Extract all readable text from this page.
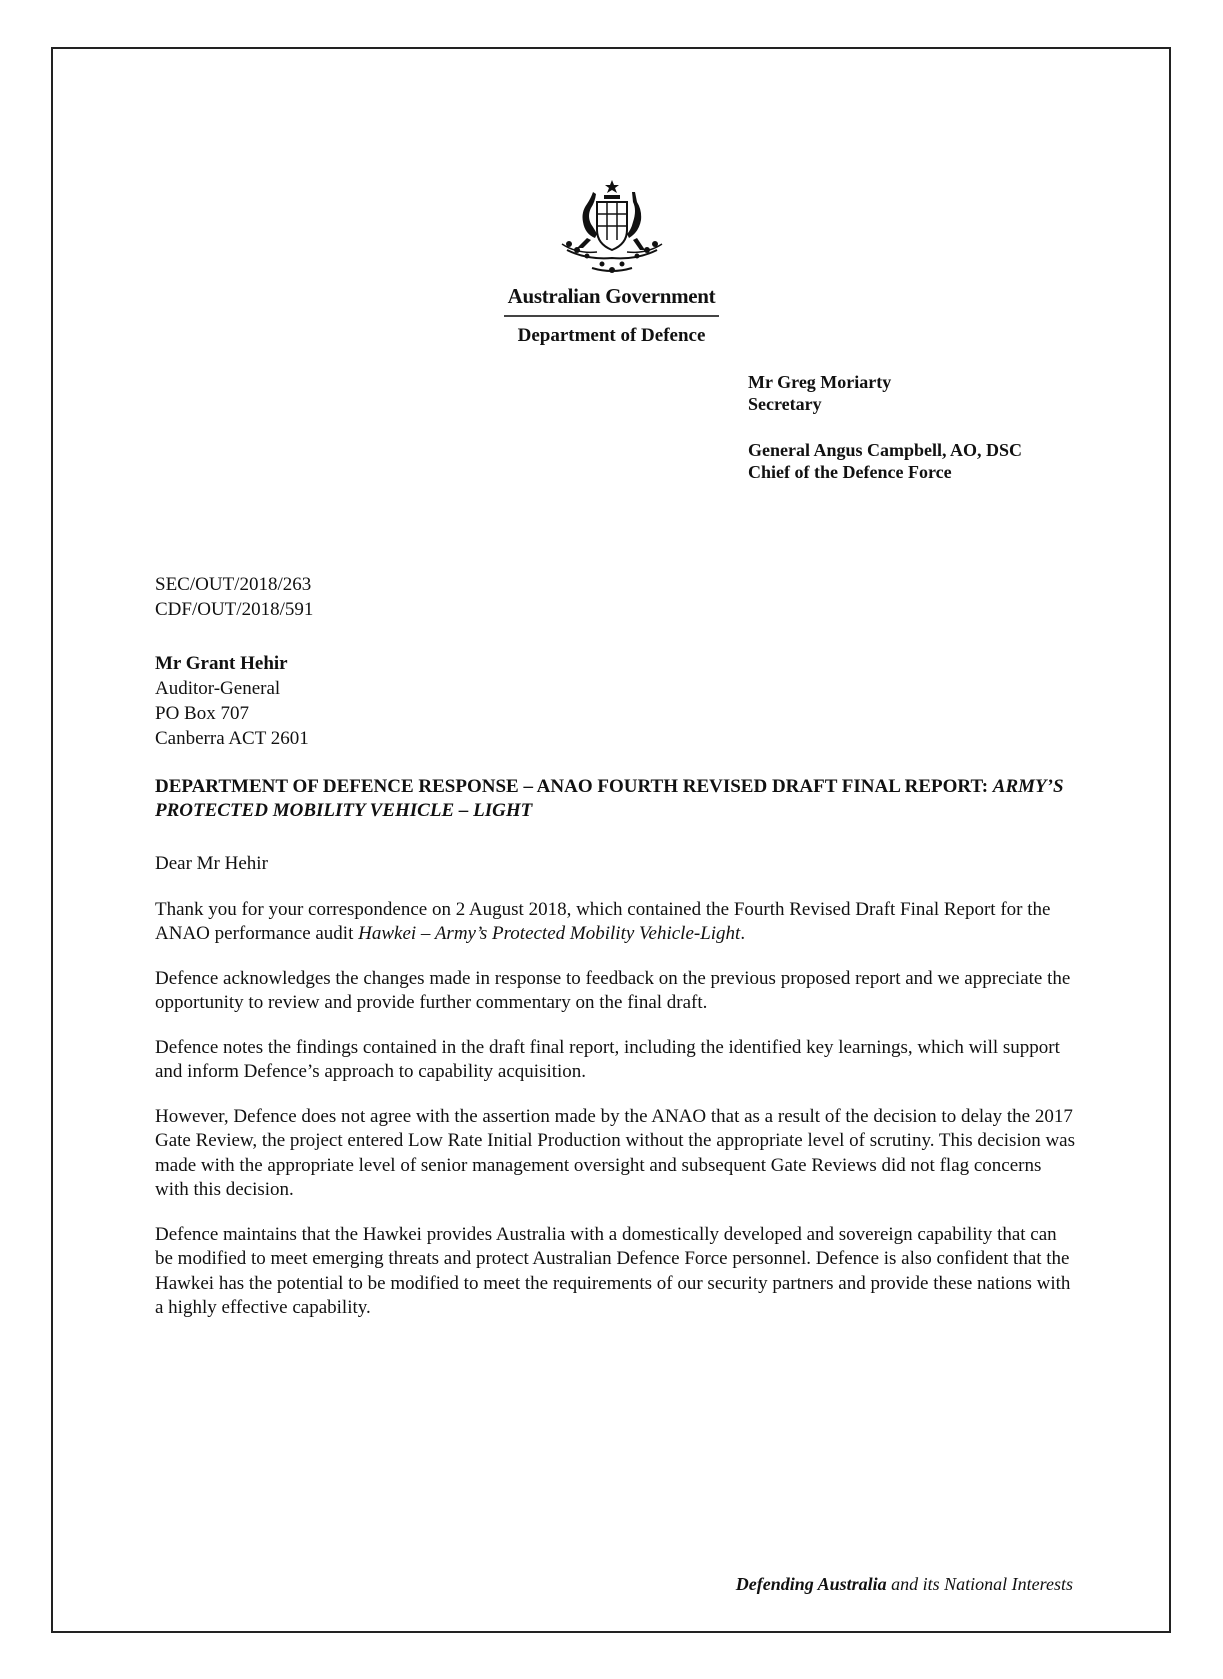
Australian Government
Department of Defence
Mr Greg Moriarty
Secretary
General Angus Campbell, AO, DSC
Chief of the Defence Force
SEC/OUT/2018/263
CDF/OUT/2018/591
Mr Grant Hehir
Auditor-General
PO Box 707
Canberra ACT 2601
DEPARTMENT OF DEFENCE RESPONSE – ANAO FOURTH REVISED DRAFT FINAL REPORT: ARMY’S PROTECTED MOBILITY VEHICLE – LIGHT

Dear Mr Hehir

Thank you for your correspondence on 2 August 2018, which contained the Fourth Revised Draft Final Report for the ANAO performance audit Hawkei – Army’s Protected Mobility Vehicle-Light.

Defence acknowledges the changes made in response to feedback on the previous proposed report and we appreciate the opportunity to review and provide further commentary on the final draft.

Defence notes the findings contained in the draft final report, including the identified key learnings, which will support and inform Defence’s approach to capability acquisition.

However, Defence does not agree with the assertion made by the ANAO that as a result of the decision to delay the 2017 Gate Review, the project entered Low Rate Initial Production without the appropriate level of scrutiny. This decision was made with the appropriate level of senior management oversight and subsequent Gate Reviews did not flag concerns with this decision.

Defence maintains that the Hawkei provides Australia with a domestically developed and sovereign capability that can be modified to meet emerging threats and protect Australian Defence Force personnel. Defence is also confident that the Hawkei has the potential to be modified to meet the requirements of our security partners and provide these nations with a highly effective capability.

Defending Australia and its National Interests
